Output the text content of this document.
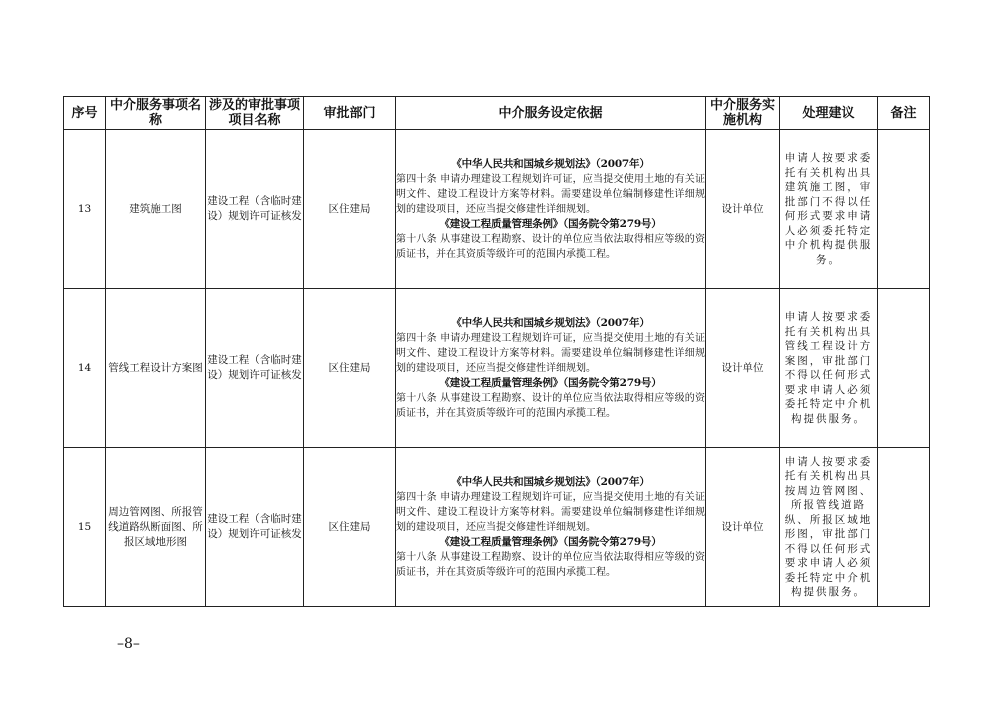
序号	中介服务事项名称	涉及的审批事项项目名称	审批部门	中介服务设定依据	中介服务实施机构	处理建议	备注
13	建筑施工图	建设工程（含临时建设）规划许可证核发	区住建局	《中华人民共和国城乡规划法》（2007年）
第四十条 申请办理建设工程规划许可证，应当提交使用土地的有关证明文件、建设工程设计方案等材料。需要建设单位编制修建性详细规划的建设项目，还应当提交修建性详细规划。
《建设工程质量管理条例》（国务院令第279号）
第十八条 从事建设工程勘察、设计的单位应当依法取得相应等级的资质证书，并在其资质等级许可的范围内承揽工程。	设计单位	申请人按要求委托有关机构出具建筑施工图，审批部门不得以任何形式要求申请人必须委托特定中介机构提供服务。	
14	管线工程设计方案图	建设工程（含临时建设）规划许可证核发	区住建局	《中华人民共和国城乡规划法》（2007年）
第四十条 申请办理建设工程规划许可证，应当提交使用土地的有关证明文件、建设工程设计方案等材料。需要建设单位编制修建性详细规划的建设项目，还应当提交修建性详细规划。
《建设工程质量管理条例》（国务院令第279号）
第十八条 从事建设工程勘察、设计的单位应当依法取得相应等级的资质证书，并在其资质等级许可的范围内承揽工程。	设计单位	申请人按要求委托有关机构出具管线工程设计方案图，审批部门不得以任何形式要求申请人必须委托特定中介机构提供服务。	
15	周边管网图、所报管线道路纵断面图、所报区域地形图	建设工程（含临时建设）规划许可证核发	区住建局	《中华人民共和国城乡规划法》（2007年）
第四十条 申请办理建设工程规划许可证，应当提交使用土地的有关证明文件、建设工程设计方案等材料。需要建设单位编制修建性详细规划的建设项目，还应当提交修建性详细规划。
《建设工程质量管理条例》（国务院令第279号）
第十八条 从事建设工程勘察、设计的单位应当依法取得相应等级的资质证书，并在其资质等级许可的范围内承揽工程。	设计单位	申请人按要求委托有关机构出具按周边管网图、所报管线道路纵、所报区域地形图，审批部门不得以任何形式要求申请人必须委托特定中介机构提供服务。	
–8–
